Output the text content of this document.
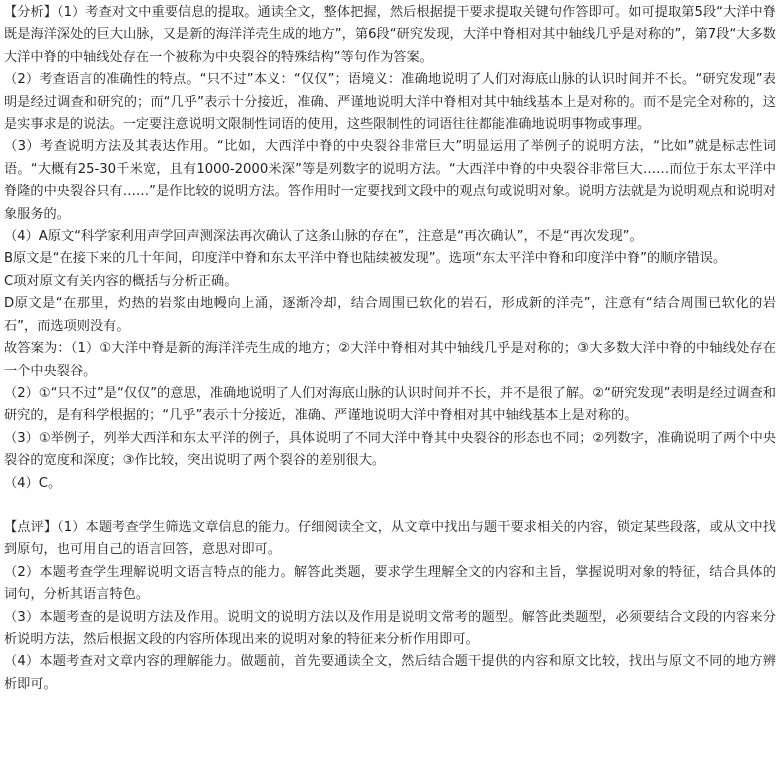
【分析】（1）考查对文中重要信息的提取。通读全文，整体把握，然后根据提干要求提取关键句作答即可。如可提取第5段“大洋中脊既是海洋深处的巨大山脉，又是新的海洋洋壳生成的地方”，第6段“研究发现，大洋中脊相对其中轴线几乎是对称的”，第7段“大多数大洋中脊的中轴线处存在一个被称为中央裂谷的特殊结构”等句作为答案。

（2）考查语言的准确性的特点。“只不过”本义：“仅仅”；语境义：准确地说明了人们对海底山脉的认识时间并不长。“研究发现”表明是经过调查和研究的；而“几乎”表示十分接近，准确、严谨地说明大洋中脊相对其中轴线基本上是对称的。而不是完全对称的，这是实事求是的说法。一定要注意说明文限制性词语的使用，这些限制性的词语往往都能准确地说明事物或事理。

（3）考查说明方法及其表达作用。“比如，大西洋中脊的中央裂谷非常巨大”明显运用了举例子的说明方法，“比如”就是标志性词语。“大概有25-30千米宽，且有1000-2000米深”等是列数字的说明方法。“大西洋中脊的中央裂谷非常巨大……而位于东太平洋中脊隆的中央裂谷只有……”是作比较的说明方法。答作用时一定要找到文段中的观点句或说明对象。说明方法就是为说明观点和说明对象服务的。

（4）A原文“科学家利用声学回声测深法再次确认了这条山脉的存在”，注意是“再次确认”，不是“再次发现”。

B原文是“在接下来的几十年间，印度洋中脊和东太平洋中脊也陆续被发现”。选项“东太平洋中脊和印度洋中脊”的顺序错误。

C项对原文有关内容的概括与分析正确。

D原文是“在那里，灼热的岩浆由地幔向上涌，逐渐冷却，结合周围已软化的岩石，形成新的洋壳”，注意有“结合周围已软化的岩石”，而选项则没有。

故答案为：（1）①大洋中脊是新的海洋洋壳生成的地方；②大洋中脊相对其中轴线几乎是对称的；③大多数大洋中脊的中轴线处存在一个中央裂谷。

（2）①“只不过”是“仅仅”的意思，准确地说明了人们对海底山脉的认识时间并不长，并不是很了解。②“研究发现”表明是经过调查和研究的，是有科学根据的；“几乎”表示十分接近，准确、严谨地说明大洋中脊相对其中轴线基本上是对称的。

（3）①举例子，列举大西洋和东太平洋的例子，具体说明了不同大洋中脊其中央裂谷的形态也不同；②列数字，准确说明了两个中央裂谷的宽度和深度；③作比较，突出说明了两个裂谷的差别很大。

（4）C。

【点评】（1）本题考查学生筛选文章信息的能力。仔细阅读全文，从文章中找出与题干要求相关的内容，锁定某些段落，或从文中找到原句，也可用自己的语言回答，意思对即可。

（2）本题考查学生理解说明文语言特点的能力。解答此类题，要求学生理解全文的内容和主旨，掌握说明对象的特征，结合具体的词句，分析其语言特色。

（3）本题考查的是说明方法及作用。说明文的说明方法以及作用是说明文常考的题型。解答此类题型，必须要结合文段的内容来分析说明方法，然后根据文段的内容所体现出来的说明对象的特征来分析作用即可。

（4）本题考查对文章内容的理解能力。做题前，首先要通读全文，然后结合题干提供的内容和原文比较，找出与原文不同的地方辨析即可。
